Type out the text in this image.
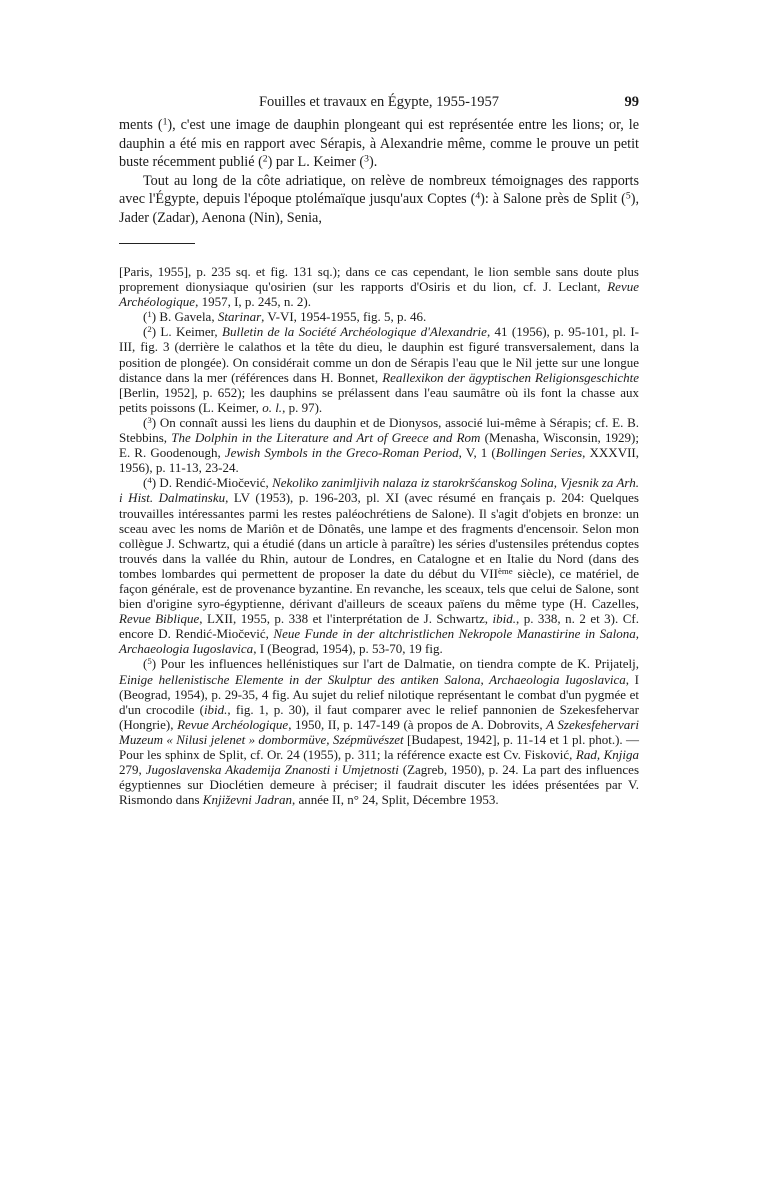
Fouilles et travaux en Égypte, 1955-1957	99

ments ($^1$), c'est une image de dauphin plongeant qui est représentée entre les lions; or, le dauphin a été mis en rapport avec Sérapis, à Alexandrie même, comme le prouve un petit buste récemment publié ($^2$) par L. Keimer ($^3$).

Tout au long de la côte adriatique, on relève de nombreux témoignages des rapports avec l'Égypte, depuis l'époque ptolémaïque jusqu'aux Coptes ($^4$): à Salone près de Split ($^5$), Jader (Zadar), Aenona (Nin), Senia,

[Paris, 1955], p. 235 sq. et fig. 131 sq.); dans ce cas cependant, le lion semble sans doute plus proprement dionysiaque qu'osirien (sur les rapports d'Osiris et du lion, cf. J. Leclant, Revue Archéologique, 1957, I, p. 245, n. 2).

($^1$) B. Gavela, Starinar, V-VI, 1954-1955, fig. 5, p. 46.

($^2$) L. Keimer, Bulletin de la Société Archéologique d'Alexandrie, 41 (1956), p. 95-101, pl. I-III, fig. 3 (derrière le calathos et la tête du dieu, le dauphin est figuré transversalement, dans la position de plongée). On considérait comme un don de Sérapis l'eau que le Nil jette sur une longue distance dans la mer (références dans H. Bonnet, Reallexikon der ägyptischen Religionsgeschichte [Berlin, 1952], p. 652); les dauphins se prélassent dans l'eau saumâtre où ils font la chasse aux petits poissons (L. Keimer, o. l., p. 97).

($^3$) On connaît aussi les liens du dauphin et de Dionysos, associé lui-même à Sérapis; cf. E. B. Stebbins, The Dolphin in the Literature and Art of Greece and Rom (Menasha, Wisconsin, 1929); E. R. Goodenough, Jewish Symbols in the Greco-Roman Period, V, 1 (Bollingen Series, XXXVII, 1956), p. 11-13, 23-24.

($^4$) D. Rendić-Miočević, Nekoliko zanimljivih nalaza iz starokršćanskog Solina, Vjesnik za Arh. i Hist. Dalmatinsku, LV (1953), p. 196-203, pl. XI (avec résumé en français p. 204: Quelques trouvailles intéressantes parmi les restes paléochrétiens de Salone). Il s'agit d'objets en bronze: un sceau avec les noms de Mariôn et de Dônatês, une lampe et des fragments d'encensoir. Selon mon collègue J. Schwartz, qui a étudié (dans un article à paraître) les séries d'ustensiles prétendus coptes trouvés dans la vallée du Rhin, autour de Londres, en Catalogne et en Italie du Nord (dans des tombes lombardes qui permettent de proposer la date du début du VIIème siècle), ce matériel, de façon générale, est de provenance byzantine. En revanche, les sceaux, tels que celui de Salone, sont bien d'origine syro-égyptienne, dérivant d'ailleurs de sceaux païens du même type (H. Cazelles, Revue Biblique, LXII, 1955, p. 338 et l'interprétation de J. Schwartz, ibid., p. 338, n. 2 et 3). Cf. encore D. Rendić-Miočević, Neue Funde in der altchristlichen Nekropole Manastirine in Salona, Archaeologia Iugoslavica, I (Beograd, 1954), p. 53-70, 19 fig.

($^5$) Pour les influences hellénistiques sur l'art de Dalmatie, on tiendra compte de K. Prijatelj, Einige hellenistische Elemente in der Skulptur des antiken Salona, Archaeologia Iugoslavica, I (Beograd, 1954), p. 29-35, 4 fig. Au sujet du relief nilotique représentant le combat d'un pygmée et d'un crocodile (ibid., fig. 1, p. 30), il faut comparer avec le relief pannonien de Szekesfehervar (Hongrie), Revue Archéologique, 1950, II, p. 147-149 (à propos de A. Dobrovits, A Szekesfehervari Muzeum « Nilusi jelenet » dombormüve, Szépmüvészet [Budapest, 1942], p. 11-14 et 1 pl. phot.). — Pour les sphinx de Split, cf. Or. 24 (1955), p. 311; la référence exacte est Cv. Fisković, Rad, Knjiga 279, Jugoslavenska Akademija Znanosti i Umjetnosti (Zagreb, 1950), p. 24. La part des influences égyptiennes sur Dioclétien demeure à préciser; il faudrait discuter les idées présentées par V. Rismondo dans Književni Jadran, année II, n° 24, Split, Décembre 1953.
